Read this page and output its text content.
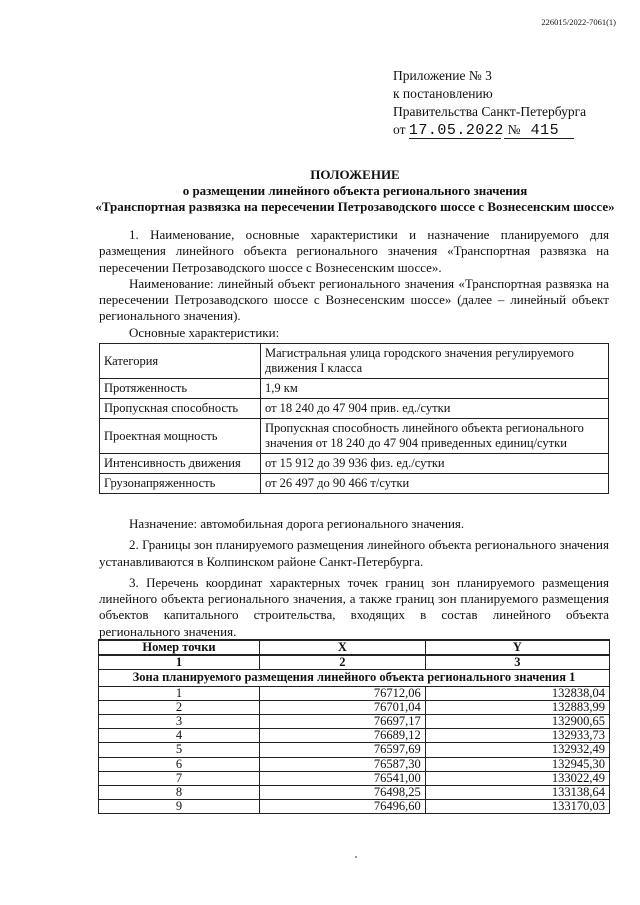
226015/2022-7061(1)
Приложение № 3
к постановлению
Правительства Санкт-Петербурга
от 17.05.2022 № 415
ПОЛОЖЕНИЕ
о размещении линейного объекта регионального значения
«Транспортная развязка на пересечении Петрозаводского шоссе с Вознесенским шоссе»

1. Наименование, основные характеристики и назначение планируемого для размещения линейного объекта регионального значения «Транспортная развязка на пересечении Петрозаводского шоссе с Вознесенским шоссе».

Наименование: линейный объект регионального значения «Транспортная развязка на пересечении Петрозаводского шоссе с Вознесенским шоссе» (далее – линейный объект регионального значения).

Основные характеристики:

Категория	Магистральная улица городского значения регулируемого движения I класса
Протяженность	1,9 км
Пропускная способность	от 18 240 до 47 904 прив. ед./сутки
Проектная мощность	Пропускная способность линейного объекта регионального значения от 18 240 до 47 904 приведенных единиц/сутки
Интенсивность движения	от 15 912 до 39 936 физ. ед./сутки
Грузонапряженность	от 26 497 до 90 466 т/сутки

Назначение: автомобильная дорога регионального значения.

2. Границы зон планируемого размещения линейного объекта регионального значения устанавливаются в Колпинском районе Санкт-Петербурга.

3. Перечень координат характерных точек границ зон планируемого размещения линейного объекта регионального значения, а также границ зон планируемого размещения объектов капитального строительства, входящих в состав линейного объекта регионального значения.

Номер точки	X	Y
1	2	3
Зона планируемого размещения линейного объекта регионального значения 1		
1	76712,06	132838,04
2	76701,04	132883,99
3	76697,17	132900,65
4	76689,12	132933,73
5	76597,69	132932,49
6	76587,30	132945,30
7	76541,00	133022,49
8	76498,25	133138,64
9	76496,60	133170,03
